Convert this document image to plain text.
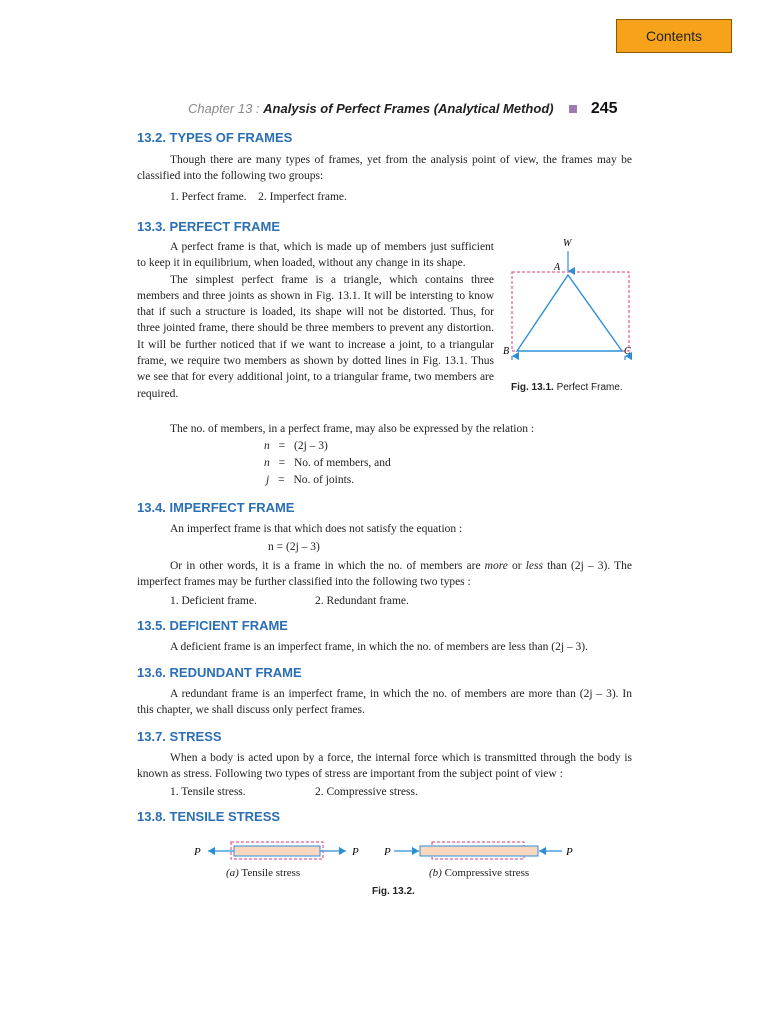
Contents
Chapter 13 : Analysis of Perfect Frames (Analytical Method) 245
13.2. TYPES OF FRAMES
Though there are many types of frames, yet from the analysis point of view, the frames may be classified into the following two groups:
1. Perfect frame.    2. Imperfect frame.
13.3. PERFECT FRAME

A perfect frame is that, which is made up of members just sufficient to keep it in equilibrium, when loaded, without any change in its shape.

The simplest perfect frame is a triangle, which contains three members and three joints as shown in Fig. 13.1. It will be intersting to know that if such a structure is loaded, its shape will not be distorted. Thus, for three jointed frame, there should be three members to prevent any distortion. It will be further noticed that if we want to increase a joint, to a triangular frame, we require two members as shown by dotted lines in Fig. 13.1. Thus we see that for every additional joint, to a triangular frame, two members are required.

The no. of members, in a perfect frame, may also be expressed by the relation :
n = (2j – 3)
n = No. of members, and
j = No. of joints.
W
A
B	C
Fig. 13.1. Perfect Frame.
13.4. IMPERFECT FRAME
An imperfect frame is that which does not satisfy the equation :
n = (2j – 3)

Or in other words, it is a frame in which the no. of members are more or less than (2j – 3). The imperfect frames may be further classified into the following two types :

1. Deficient frame.	2. Redundant frame.
13.5. DEFICIENT FRAME
A deficient frame is an imperfect frame, in which the no. of members are less than (2j – 3).
13.6. REDUNDANT FRAME
A redundant frame is an imperfect frame, in which the no. of members are more than (2j – 3). In this chapter, we shall discuss only perfect frames.
13.7. STRESS
When a body is acted upon by a force, the internal force which is transmitted through the body is known as stress. Following two types of stress are important from the subject point of view :
1. Tensile stress.	2. Compressive stress.
13.8. TENSILE STRESS
P	P P	P
(a) Tensile stress	(b) Compressive stress
Fig. 13.2.
